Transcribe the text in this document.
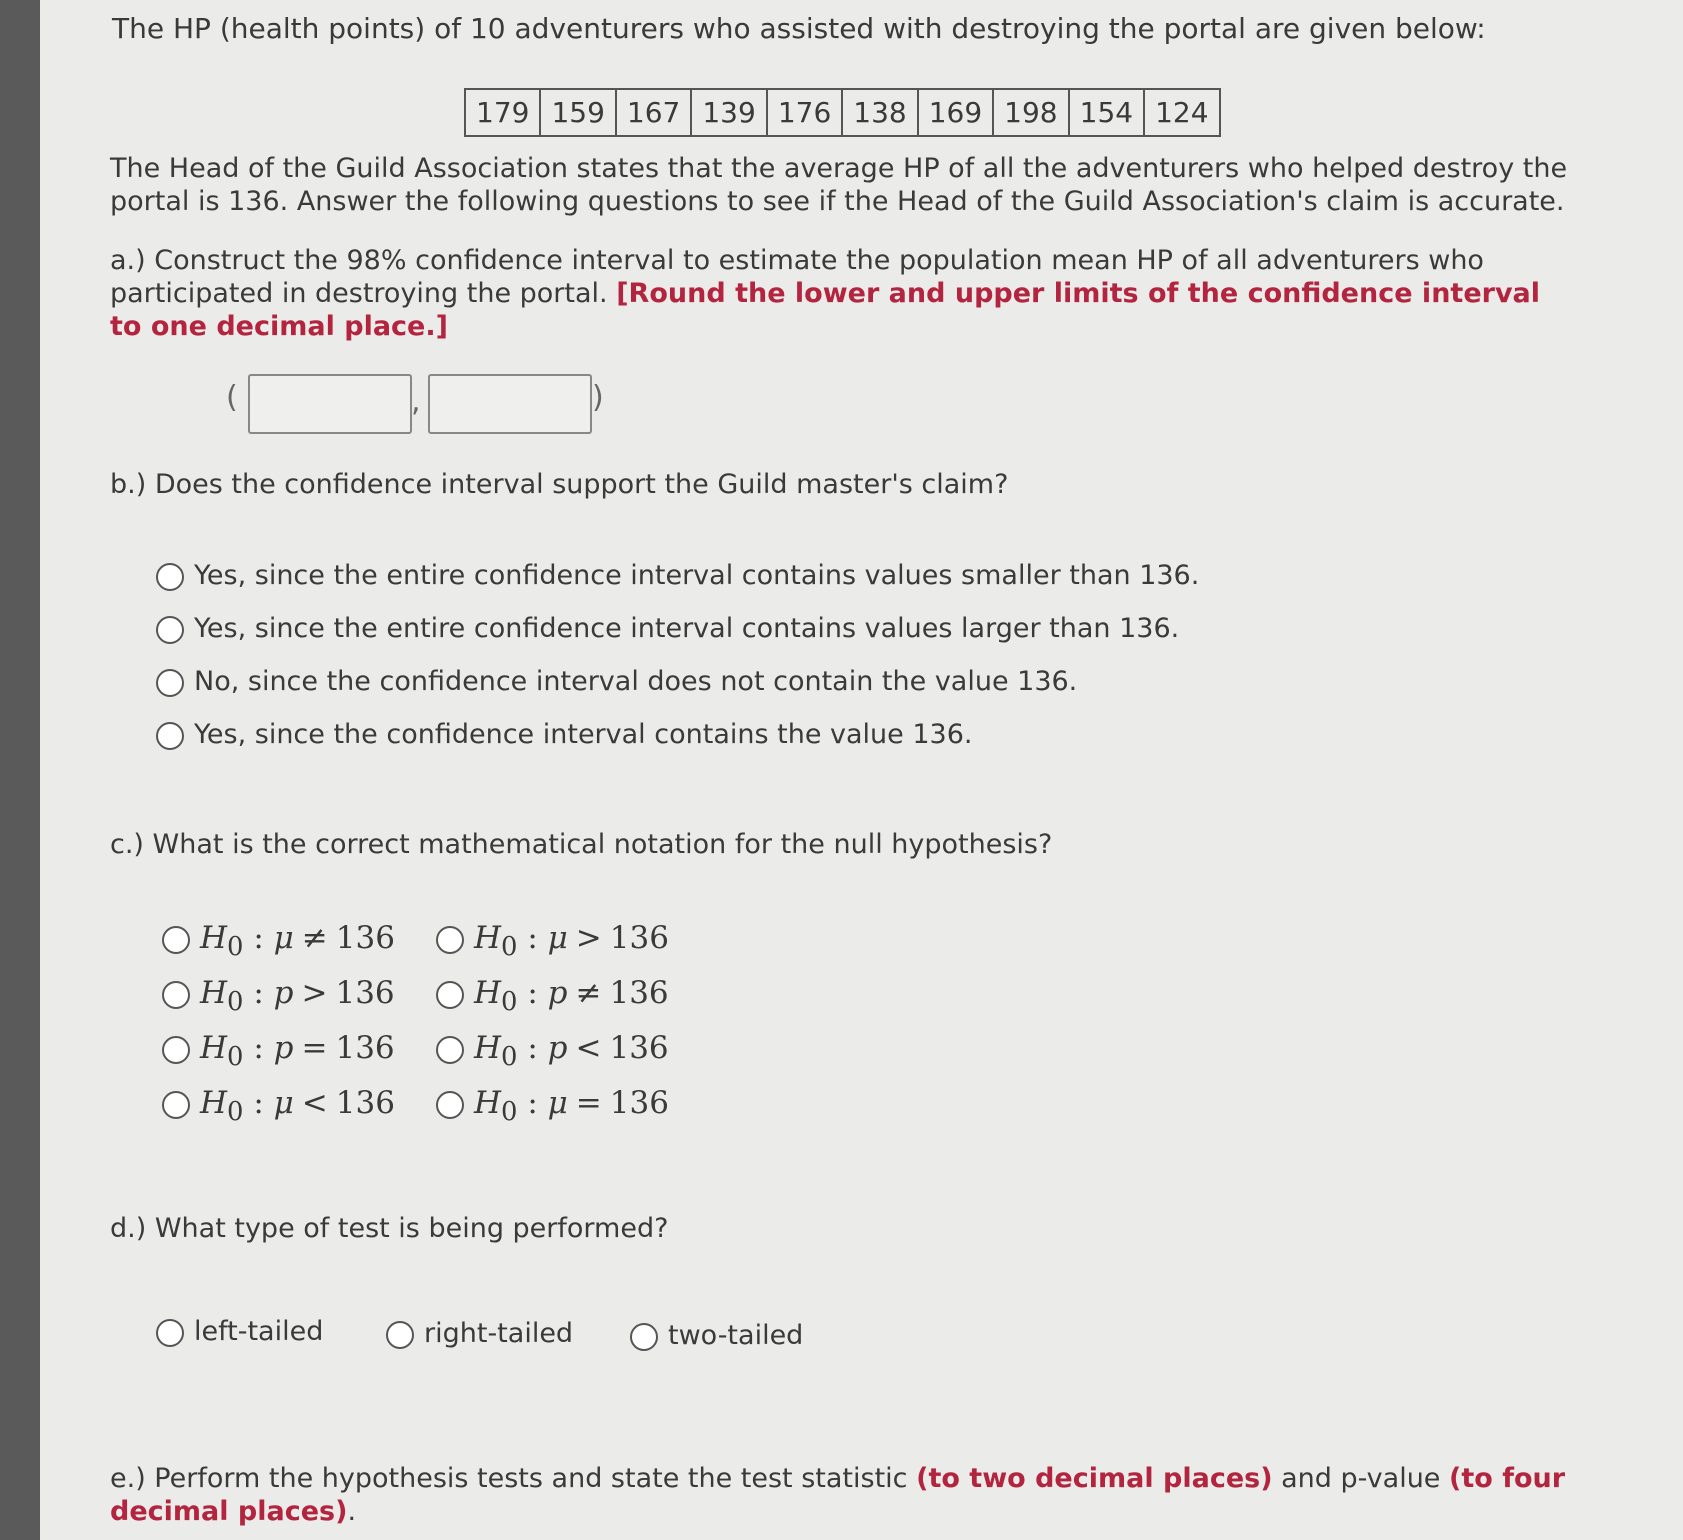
The HP (health points) of 10 adventurers who assisted with destroying the portal are given below:
179	159	167	139	176	138	169	198	154	124
The Head of the Guild Association states that the average HP of all the adventurers who helped destroy the portal is 136. Answer the following questions to see if the Head of the Guild Association's claim is accurate.
a.) Construct the 98% confidence interval to estimate the population mean HP of all adventurers who participated in destroying the portal. [Round the lower and upper limits of the confidence interval to one decimal place.]
(	,	)
b.) Does the confidence interval support the Guild master's claim?
Yes, since the entire confidence interval contains values smaller than 136.
Yes, since the entire confidence interval contains values larger than 136.
No, since the confidence interval does not contain the value 136.
Yes, since the confidence interval contains the value 136.
c.) What is the correct mathematical notation for the null hypothesis?
$H_0$ : μ ≠ 136	$H_0$ : μ > 136
$H_0$ : p > 136	$H_0$ : p ≠ 136
$H_0$ : p = 136	$H_0$ : p < 136
$H_0$ : μ < 136	$H_0$ : μ = 136
d.) What type of test is being performed?
left-tailed	right-tailed	two-tailed
e.) Perform the hypothesis tests and state the test statistic (to two decimal places) and p-value (to four decimal places).
